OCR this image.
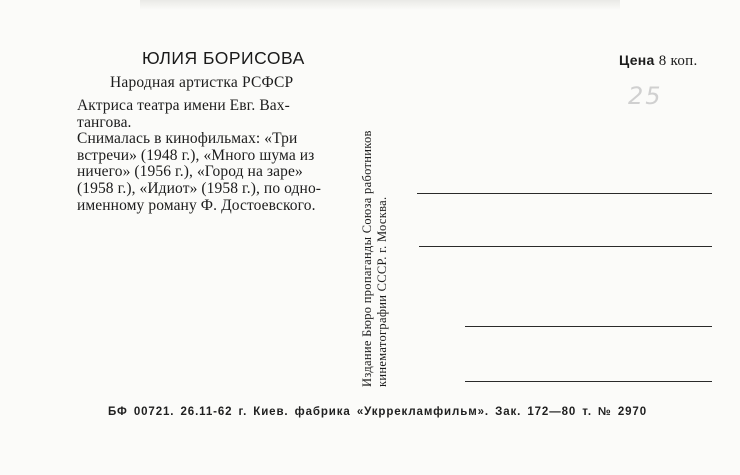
ЮЛИЯ БОРИСОВА
Народная артистка РСФСР

Актриса театра имени Евг. Вах-

тангова.

Снималась в кинофильмах: «Три

встречи» (1948 г.), «Много шума из

ничего» (1956 г.), «Город на заре»

(1958 г.), «Идиот» (1958 г.), по одно-

именному роману Ф. Достоевского.	Издание Бюро пропаганды Союза работников кинематографии СССР. г. Москва.
Цена 8 коп.
25
БФ 00721. 26.11-62 г. Киев. фабрика «Укррекламфильм». Зак. 172—80 т. № 2970
